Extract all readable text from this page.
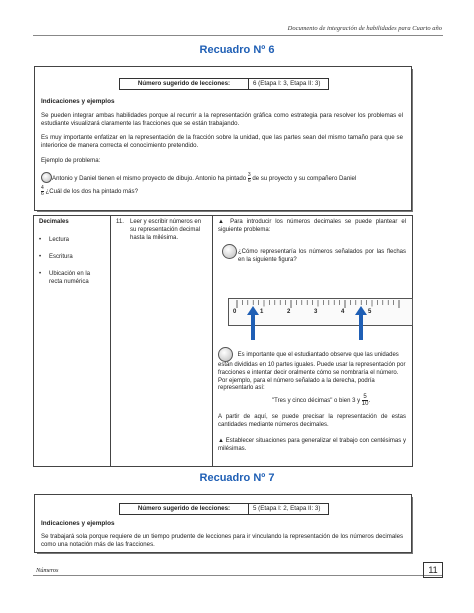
Documento de integración de habilidades para Cuarto año
Recuadro Nº 6
Número sugerido de lecciones:	6 (Etapa I: 3, Etapa II: 3)
Indicaciones y ejemplos
Se pueden integrar ambas habilidades porque al recurrir a la representación gráfica como estrategia para resolver los problemas el estudiante visualizará claramente las fracciones que se están trabajando.
Es muy importante enfatizar en la representación de la fracción sobre la unidad, que las partes sean del mismo tamaño para que se interiorice de manera correcta el conocimiento pretendido.
Ejemplo de problema:
Antonio y Daniel tienen el mismo proyecto de dibujo. Antonio ha pintado $\frac{3}{6}$ de su proyecto y su compañero Daniel
$\frac{4}{6}$ ¿Cuál de los dos ha pintado más?
Decimales
•	Lectura
•	Escritura
•	Ubicación en la recta numérica
11. Leer y escribir números en su representación decimal hasta la milésima.
▲ Para introducir los números decimales se puede plantear el siguiente problema:
¿Cómo representaría los números señalados por las flechas en la siguiente figura?
Es importante que el estudiantado observe que las unidades están divididas en 10 partes iguales. Puede usar la representación por fracciones e intentar decir oralmente cómo se nombraría el número. Por ejemplo, para el número señalado a la derecha, podría representarlo así:
"Tres y cinco décimas" o bien 3 y $\frac{5}{10}$.
A partir de aquí, se puede precisar la representación de estas cantidades mediante números decimales.
▲ Establecer situaciones para generalizar el trabajo con centésimas y milésimas.
0	1	2	3	4	5
Recuadro Nº 7
Número sugerido de lecciones:	5 (Etapa I: 2, Etapa II: 3)
Indicaciones y ejemplos
Se trabajará sola porque requiere de un tiempo prudente de lecciones para ir vinculando la representación de los números decimales como una notación más de las fracciones.
Números	11
